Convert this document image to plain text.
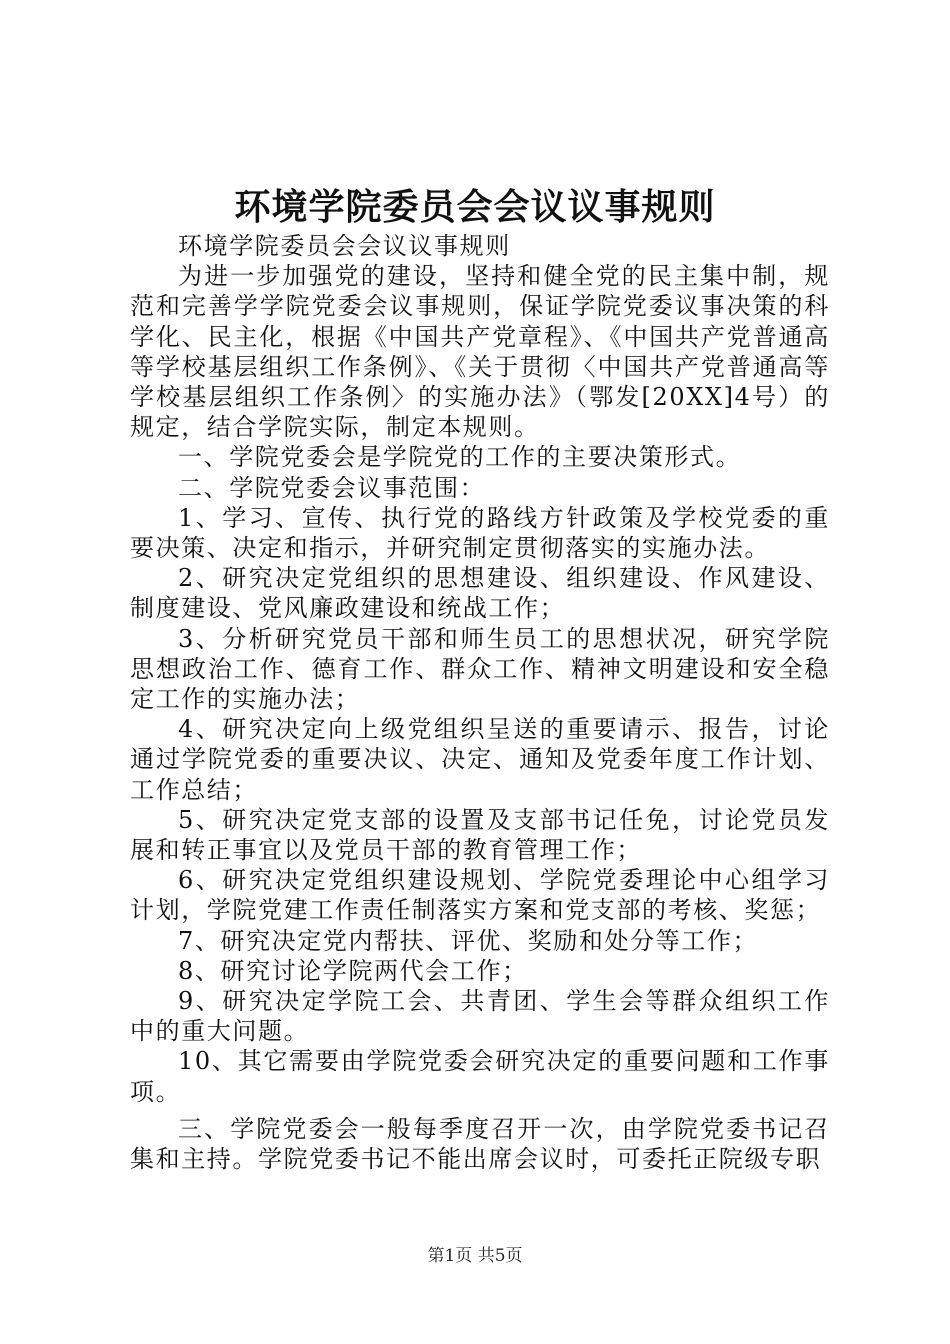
环境学院委员会会议议事规则

环境学院委员会会议议事规则

为进一步加强党的建设，坚持和健全党的民主集中制，规范和完善学学院党委会议事规则，保证学院党委议事决策的科学化、民主化，根据《中国共产党章程》、《中国共产党普通高等学校基层组织工作条例》、《关于贯彻〈中国共产党普通高等学校基层组织工作条例〉的实施办法》（鄂发[20XX]4号）的规定，结合学院实际，制定本规则。

一、学院党委会是学院党的工作的主要决策形式。

二、学院党委会议事范围：

1、学习、宣传、执行党的路线方针政策及学校党委的重要决策、决定和指示，并研究制定贯彻落实的实施办法。

2、研究决定党组织的思想建设、组织建设、作风建设、制度建设、党风廉政建设和统战工作；

3、分析研究党员干部和师生员工的思想状况，研究学院思想政治工作、德育工作、群众工作、精神文明建设和安全稳定工作的实施办法；

4、研究决定向上级党组织呈送的重要请示、报告，讨论通过学院党委的重要决议、决定、通知及党委年度工作计划、工作总结；

5、研究决定党支部的设置及支部书记任免，讨论党员发展和转正事宜以及党员干部的教育管理工作；

6、研究决定党组织建设规划、学院党委理论中心组学习计划，学院党建工作责任制落实方案和党支部的考核、奖惩；

7、研究决定党内帮扶、评优、奖励和处分等工作；

8、研究讨论学院两代会工作；

9、研究决定学院工会、共青团、学生会等群众组织工作中的重大问题。

10、其它需要由学院党委会研究决定的重要问题和工作事项。

三、学院党委会一般每季度召开一次，由学院党委书记召集和主持。学院党委书记不能出席会议时，可委托正院级专职

第1页 共5页
